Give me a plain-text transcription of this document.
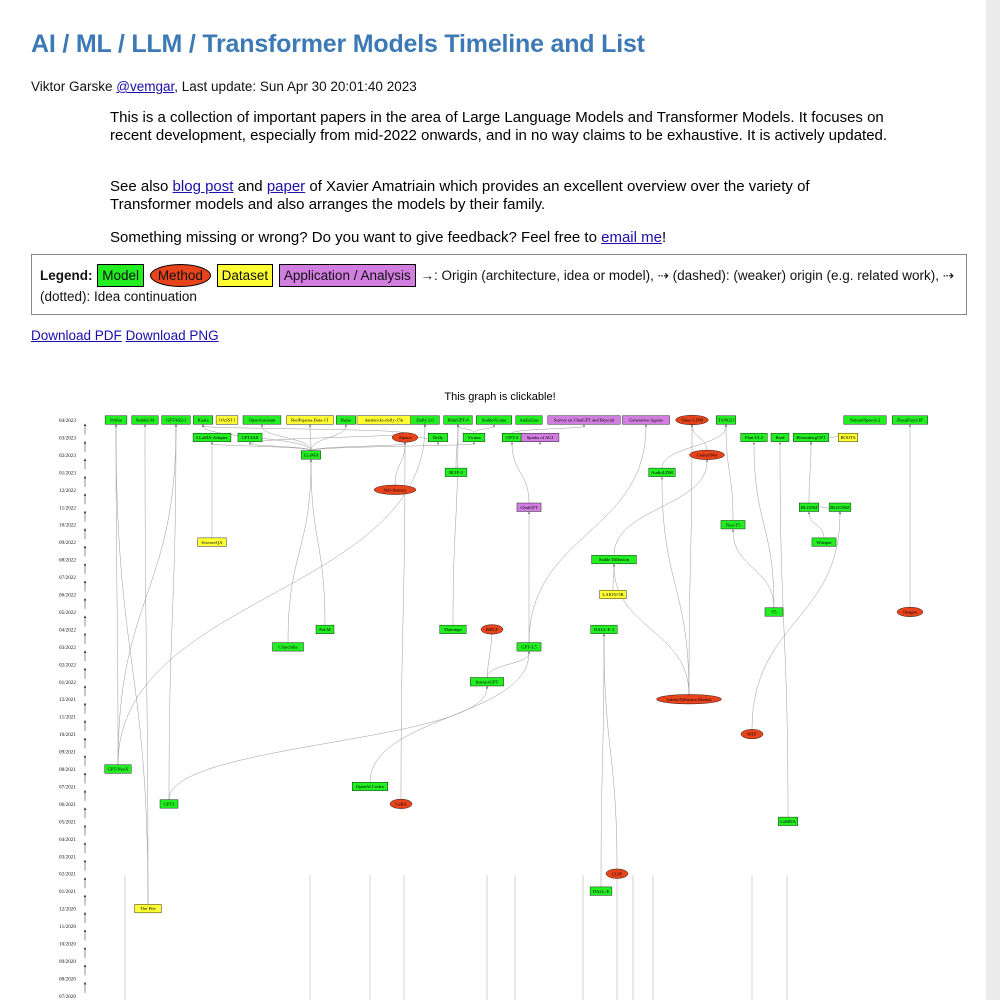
AI / ML / LLM / Transformer Models Timeline and List
Viktor Garske @vemgar, Last update: Sun Apr 30 20:01:40 2023

This is a collection of important papers in the area of Large Language Models and Transformer Models. It focuses on recent development, especially from mid-2022 onwards, and in no way claims to be exhaustive. It is actively updated.

See also blog post and paper of Xavier Amatriain which provides an excellent overview over the variety of Transformer models and also arranges the models by their family.

Something missing or wrong? Do you want to give feedback? Feel free to email me!

Legend: Model Method Dataset Application / Analysis →: Origin (architecture, idea or model), ⇢ (dashed): (weaker) origin (e.g. related work), ⇢ (dotted): Idea continuation
Download PDF Download PNG
This graph is clickable!
04/2023
03/2023
02/2023
01/2023
12/2022
11/2022
10/2022
09/2022
08/2022
07/2022
06/2022
05/2022
04/2022
03/2022
02/2022
01/2022
12/2021
11/2021
10/2021
09/2021
08/2021
07/2021
06/2021
05/2021
04/2021
03/2021
02/2021
01/2021
12/2020
11/2020
10/2020
09/2020
08/2020
07/2020
Pythia	StableLM	GPT4All-J Koala OASST1	OpenAssistant	RedPajama-Data-1T	Baize	databricks-dolly-15k	Dolly 2.0	MiniGPT-4	StableVicuna	AudioGen	Survey on ChatGPT and Beyond	Generative Agents	Video LDM	TANGO	NaturalSpeech 2	DeepFloyd IF
LLaMA-Adapter	GPT4All	Alpaca	Dolly	Vicuna	GPT-4 Sparks of AGI	Flan-UL2	Bard	BloombergGPT	BOOTS
LLaMA	ControlNet
BLIP-2	AudioLDM
Self-Instruct
ChatGPT	BLOOM	BLOOMZ
Flan-T5
ScienceQA	Whisper
Stable Diffusion
LAION-5B
T5	Imagen
PaLM	Flamingo	RHLF	DALL-E 2
Chinchilla	GPT-3.5
InstructGPT
Latent Diffusion Models
MTF
GPT-NeoX
OpenAI Codex
GPT3	LoRA
LaMDA
CLIP
DALL-E
The Pile
